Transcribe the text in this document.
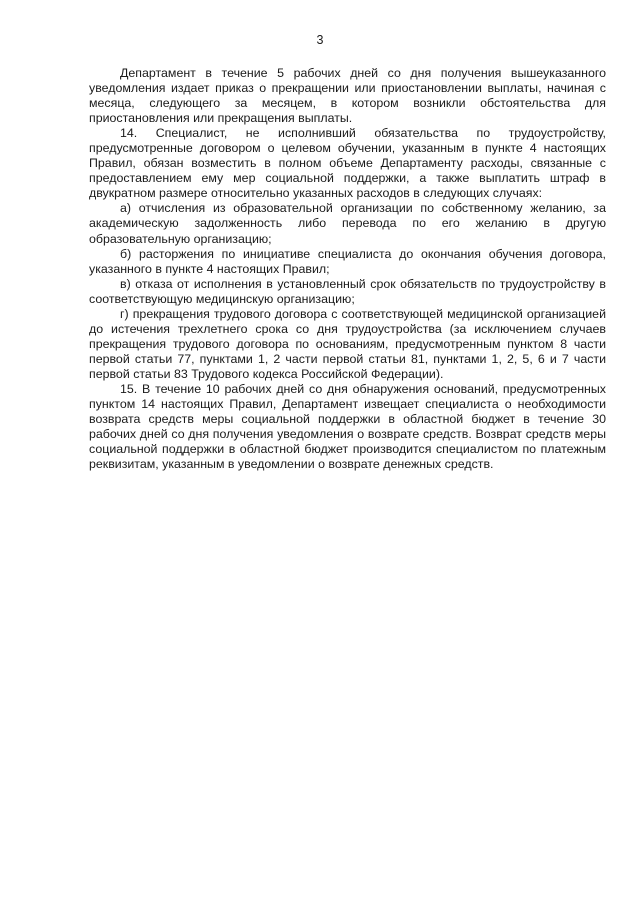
3

Департамент в течение 5 рабочих дней со дня получения вышеуказанного уведомления издает приказ о прекращении или приостановлении выплаты, начиная с месяца, следующего за месяцем, в котором возникли обстоятельства для приостановления или прекращения выплаты.

14. Специалист, не исполнивший обязательства по трудоустройству, предусмотренные договором о целевом обучении, указанным в пункте 4 настоящих Правил, обязан возместить в полном объеме Департаменту расходы, связанные с предоставлением ему мер социальной поддержки, а также выплатить штраф в двукратном размере относительно указанных расходов в следующих случаях:

а) отчисления из образовательной организации по собственному желанию, за академическую задолженность либо перевода по его желанию в другую образовательную организацию;

б) расторжения по инициативе специалиста до окончания обучения договора, указанного в пункте 4 настоящих Правил;

в) отказа от исполнения в установленный срок обязательств по трудоустройству в соответствующую медицинскую организацию;

г) прекращения трудового договора с соответствующей медицинской организацией до истечения трехлетнего срока со дня трудоустройства (за исключением случаев прекращения трудового договора по основаниям, предусмотренным пунктом 8 части первой статьи 77, пунктами 1, 2 части первой статьи 81, пунктами 1, 2, 5, 6 и 7 части первой статьи 83 Трудового кодекса Российской Федерации).

15. В течение 10 рабочих дней со дня обнаружения оснований, предусмотренных пунктом 14 настоящих Правил, Департамент извещает специалиста о необходимости возврата средств меры социальной поддержки в областной бюджет в течение 30 рабочих дней со дня получения уведомления о возврате средств. Возврат средств меры социальной поддержки в областной бюджет производится специалистом по платежным реквизитам, указанным в уведомлении о возврате денежных средств.
